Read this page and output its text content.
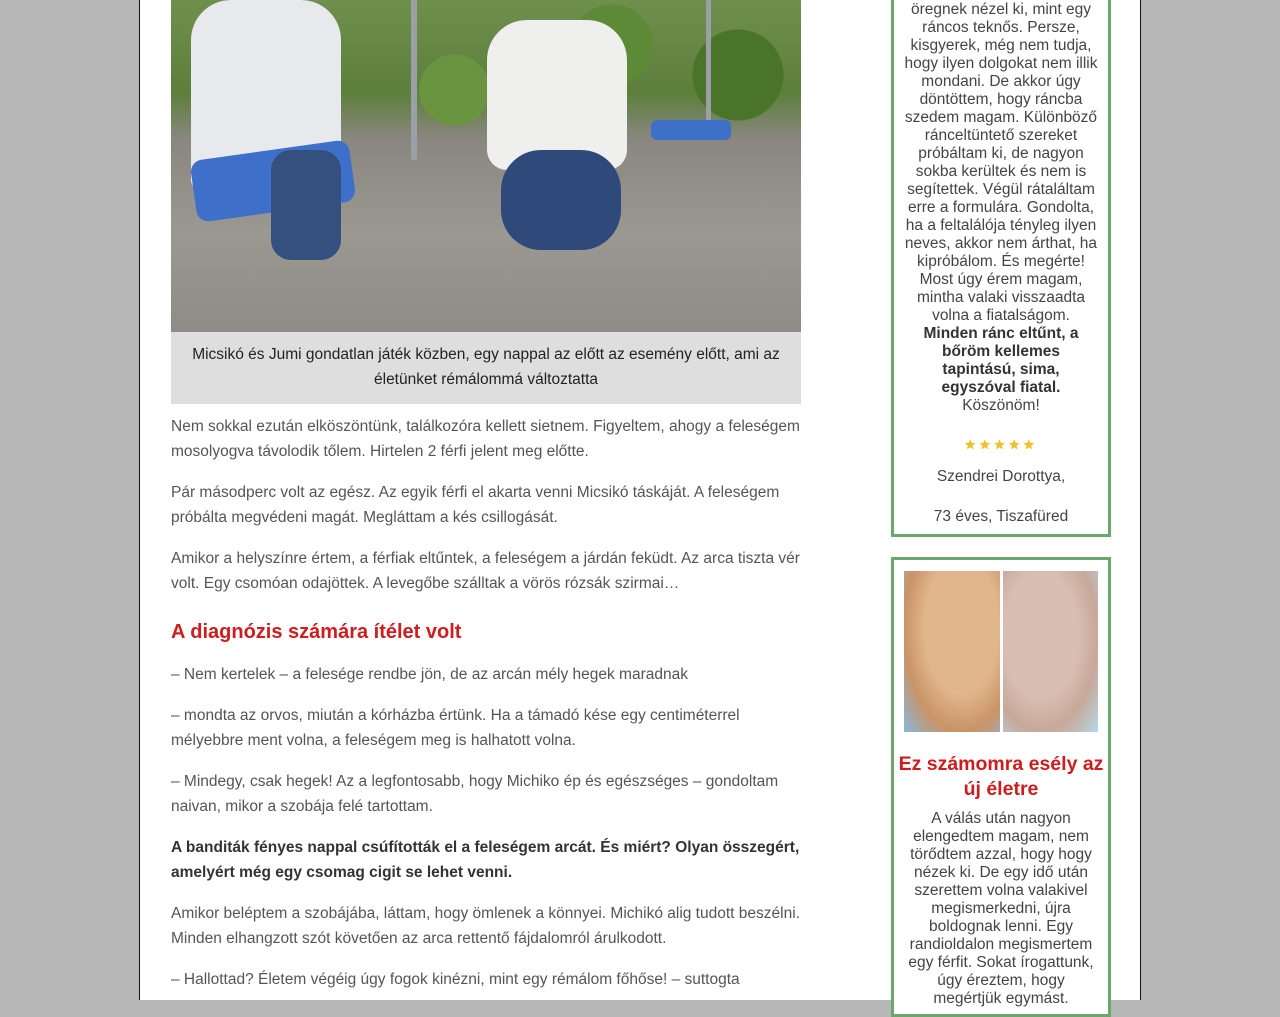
Micsikó és Jumi gondatlan játék közben, egy nappal az előtt az esemény előtt, ami az életünket rémálommá változtatta

Nem sokkal ezután elköszöntünk, találkozóra kellett sietnem. Figyeltem, ahogy a feleségem mosolyogva távolodik tőlem. Hirtelen 2 férfi jelent meg előtte.

Pár másodperc volt az egész. Az egyik férfi el akarta venni Micsikó táskáját. A feleségem próbálta megvédeni magát. Megláttam a kés csillogását.

Amikor a helyszínre értem, a férfiak eltűntek, a feleségem a járdán feküdt. Az arca tiszta vér volt. Egy csomóan odajöttek. A levegőbe szálltak a vörös rózsák szirmai…

A diagnózis számára ítélet volt

– Nem kertelek – a felesége rendbe jön, de az arcán mély hegek maradnak

– mondta az orvos, miután a kórházba értünk. Ha a támadó kése egy centiméterrel mélyebbre ment volna, a feleségem meg is halhatott volna.

– Mindegy, csak hegek! Az a legfontosabb, hogy Michiko ép és egészséges – gondoltam naivan, mikor a szobája felé tartottam.

A banditák fényes nappal csúfították el a feleségem arcát. És miért? Olyan összegért, amelyért még egy csomag cigit se lehet venni.

Amikor beléptem a szobájába, láttam, hogy ömlenek a könnyei. Michikó alig tudott beszélni. Minden elhangzott szót követően az arca rettentő fájdalomról árulkodott.

– Hallottad? Életem végéig úgy fogok kinézni, mint egy rémálom főhőse! – suttogta

öregnek nézel ki, mint egy ráncos teknős. Persze, kisgyerek, még nem tudja, hogy ilyen dolgokat nem illik mondani. De akkor úgy döntöttem, hogy ráncba szedem magam. Különböző ránceltüntető szereket próbáltam ki, de nagyon sokba kerültek és nem is segítettek. Végül rátaláltam erre a formulára. Gondolta, ha a feltalálója tényleg ilyen neves, akkor nem árthat, ha kipróbálom. És megérte! Most úgy érem magam, mintha valaki visszaadta volna a fiatalságom. Minden ránc eltűnt, a bőröm kellemes tapintású, sima, egyszóval fiatal. Köszönöm!
★★★★★
Szendrei Dorottya,
73 éves, Tiszafüred
Ez számomra esély az új életre
A válás után nagyon elengedtem magam, nem törődtem azzal, hogy hogy nézek ki. De egy idő után szerettem volna valakivel megismerkedni, újra boldognak lenni. Egy randioldalon megismertem egy férfit. Sokat írogattunk, úgy éreztem, hogy megértjük egymást.
